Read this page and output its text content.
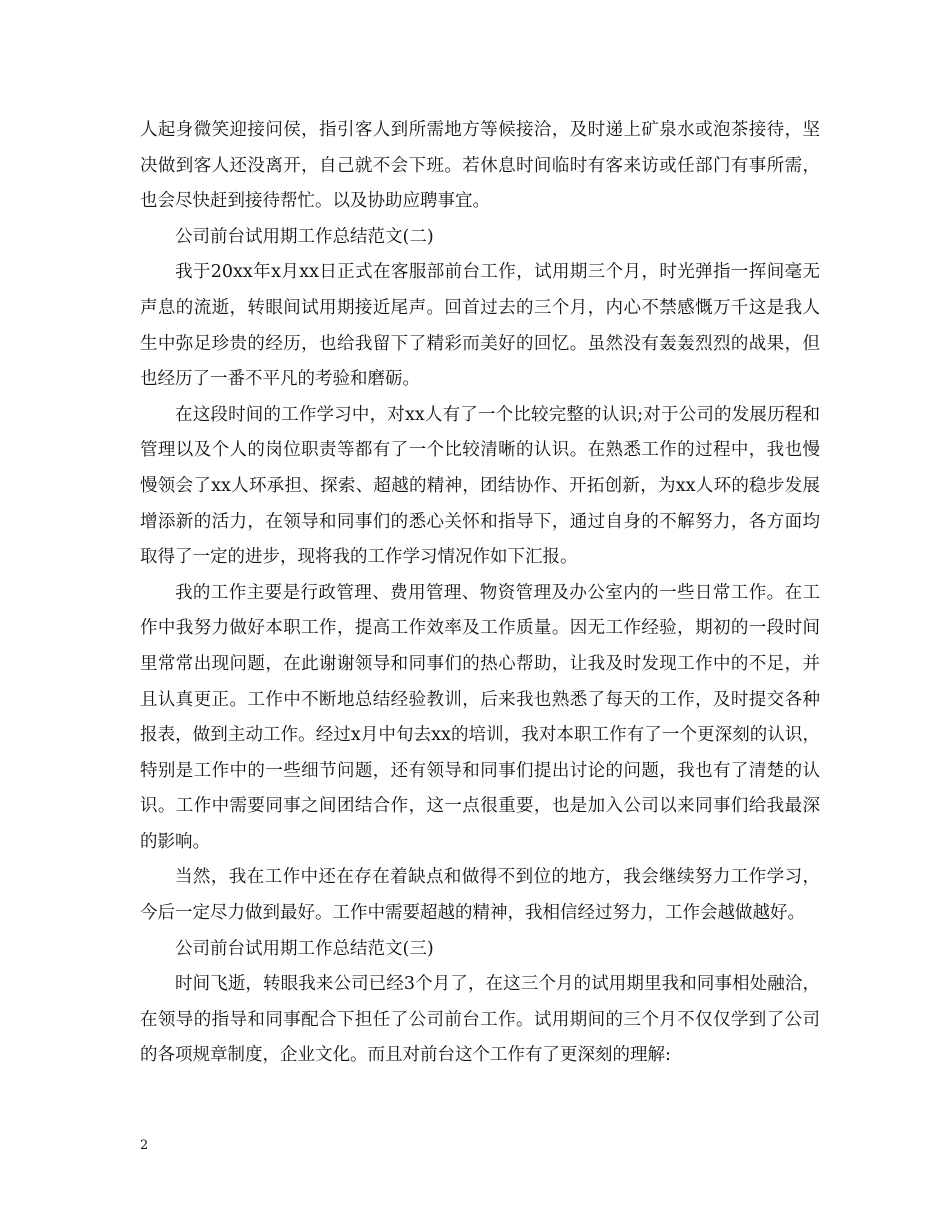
人起身微笑迎接问侯，指引客人到所需地方等候接洽，及时递上矿泉水或泡茶接待，坚决做到客人还没离开，自己就不会下班。若休息时间临时有客来访或任部门有事所需，也会尽快赶到接待帮忙。以及协助应聘事宜。

公司前台试用期工作总结范文(二)

我于20xx年x月xx日正式在客服部前台工作，试用期三个月，时光弹指一挥间毫无声息的流逝，转眼间试用期接近尾声。回首过去的三个月，内心不禁感慨万千这是我人生中弥足珍贵的经历，也给我留下了精彩而美好的回忆。虽然没有轰轰烈烈的战果，但也经历了一番不平凡的考验和磨砺。

在这段时间的工作学习中，对xx人有了一个比较完整的认识;对于公司的发展历程和管理以及个人的岗位职责等都有了一个比较清晰的认识。在熟悉工作的过程中，我也慢慢领会了xx人环承担、探索、超越的精神，团结协作、开拓创新，为xx人环的稳步发展增添新的活力，在领导和同事们的悉心关怀和指导下，通过自身的不解努力，各方面均取得了一定的进步，现将我的工作学习情况作如下汇报。

我的工作主要是行政管理、费用管理、物资管理及办公室内的一些日常工作。在工作中我努力做好本职工作，提高工作效率及工作质量。因无工作经验，期初的一段时间里常常出现问题，在此谢谢领导和同事们的热心帮助，让我及时发现工作中的不足，并且认真更正。工作中不断地总结经验教训，后来我也熟悉了每天的工作，及时提交各种报表，做到主动工作。经过x月中旬去xx的培训，我对本职工作有了一个更深刻的认识，特别是工作中的一些细节问题，还有领导和同事们提出讨论的问题，我也有了清楚的认识。工作中需要同事之间团结合作，这一点很重要，也是加入公司以来同事们给我最深的影响。

当然，我在工作中还在存在着缺点和做得不到位的地方，我会继续努力工作学习，今后一定尽力做到最好。工作中需要超越的精神，我相信经过努力，工作会越做越好。

公司前台试用期工作总结范文(三)

时间飞逝，转眼我来公司已经3个月了，在这三个月的试用期里我和同事相处融洽，在领导的指导和同事配合下担任了公司前台工作。试用期间的三个月不仅仅学到了公司的各项规章制度，企业文化。而且对前台这个工作有了更深刻的理解:

2
